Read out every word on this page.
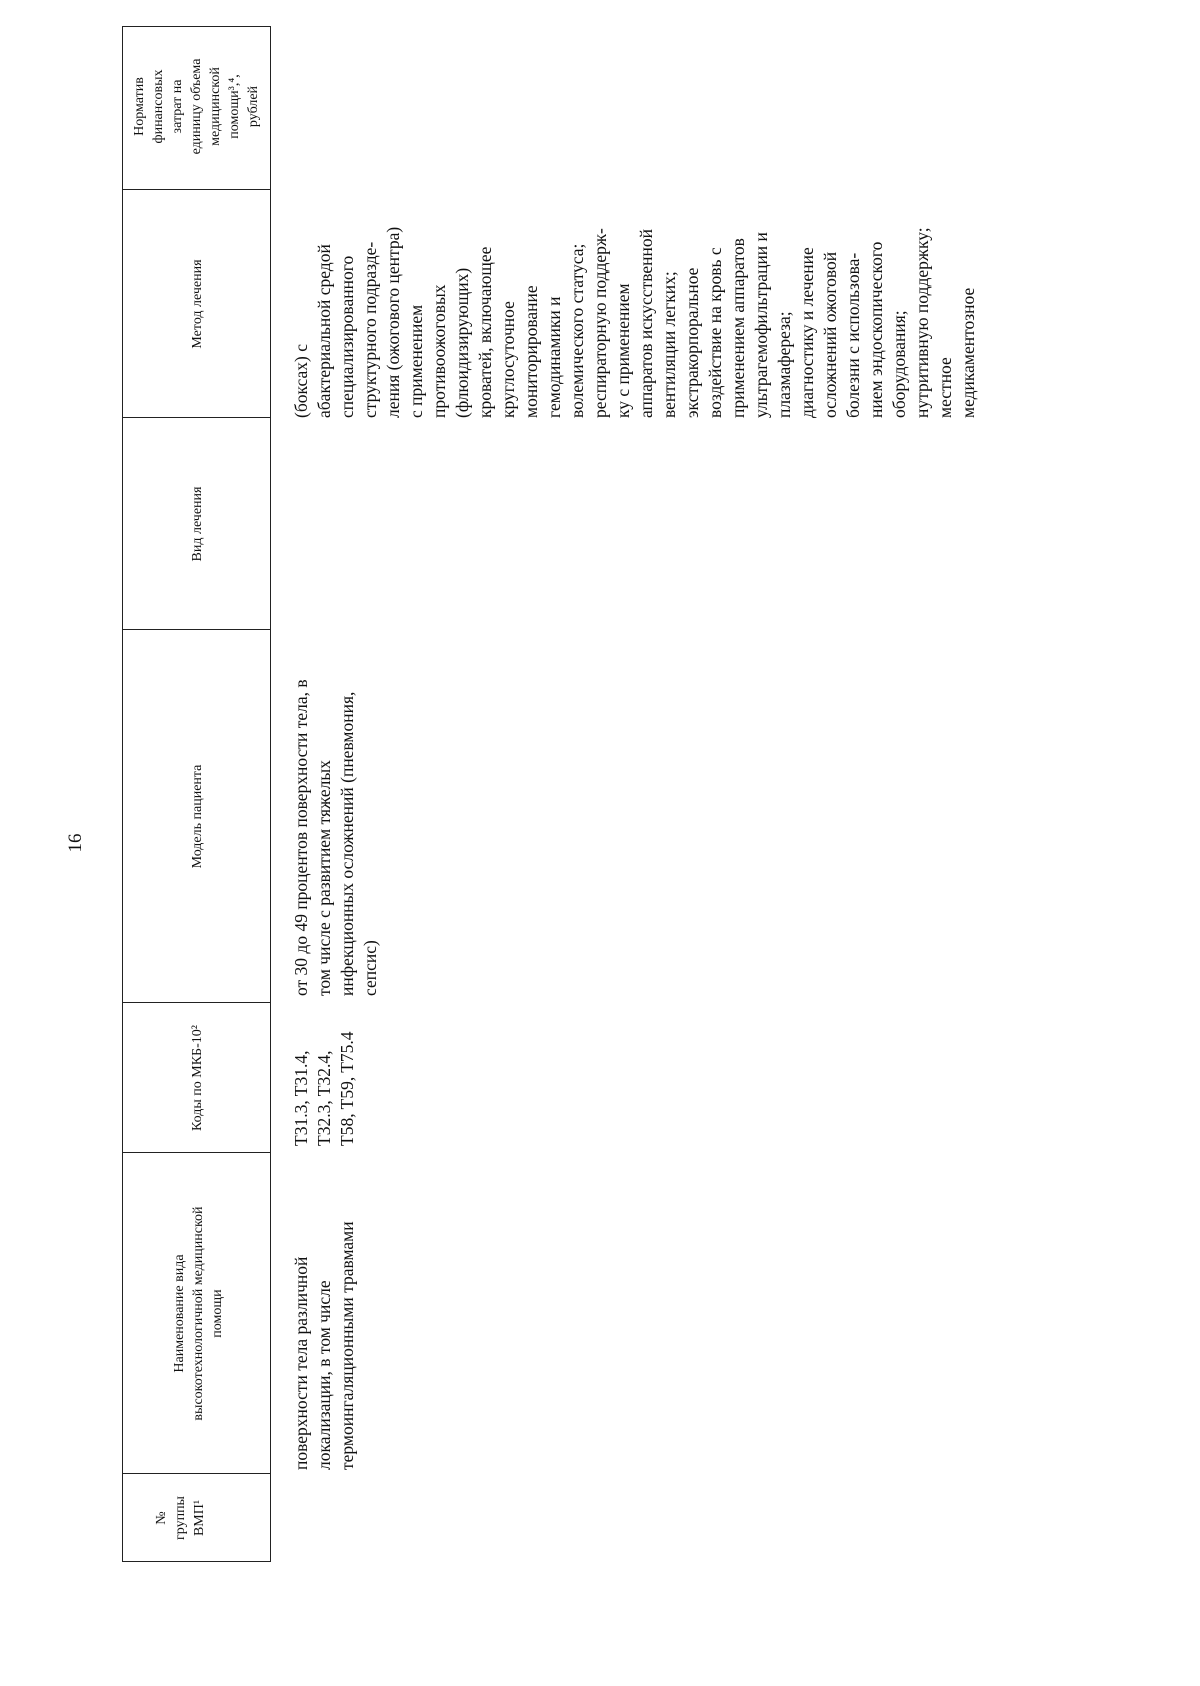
16
№
группы
ВМП¹
Наименование вида
высокотехнологичной медицинской
помощи
Коды по МКБ-10²
Модель пациента
Вид лечения
Метод лечения
Норматив
финансовых
затрат на
единицу объема
медицинской
помощи³,⁴,
рублей
поверхности тела различной
локализации, в том числе
термоингаляционными травмами
T31.3, T31.4,
T32.3, T32.4,
T58, T59, T75.4
от 30 до 49 процентов поверхности тела, в
том числе с развитием тяжелых
инфекционных осложнений (пневмония,
сепсис)
(боксах) с
абактериальной средой
специализированного
структурного подразде-
ления (ожогового центра)
с применением
противоожоговых
(флюидизирующих)
кроватей, включающее
круглосуточное
мониторирование
гемодинамики и
волемического статуса;
респираторную поддерж-
ку с применением
аппаратов искусственной
вентиляции легких;
экстракорпоральное
воздействие на кровь с
применением аппаратов
ультрагемофильтрации и
плазмафереза;
диагностику и лечение
осложнений ожоговой
болезни с использова-
нием эндоскопического
оборудования;
нутритивную поддержку;
местное
медикаментозное
